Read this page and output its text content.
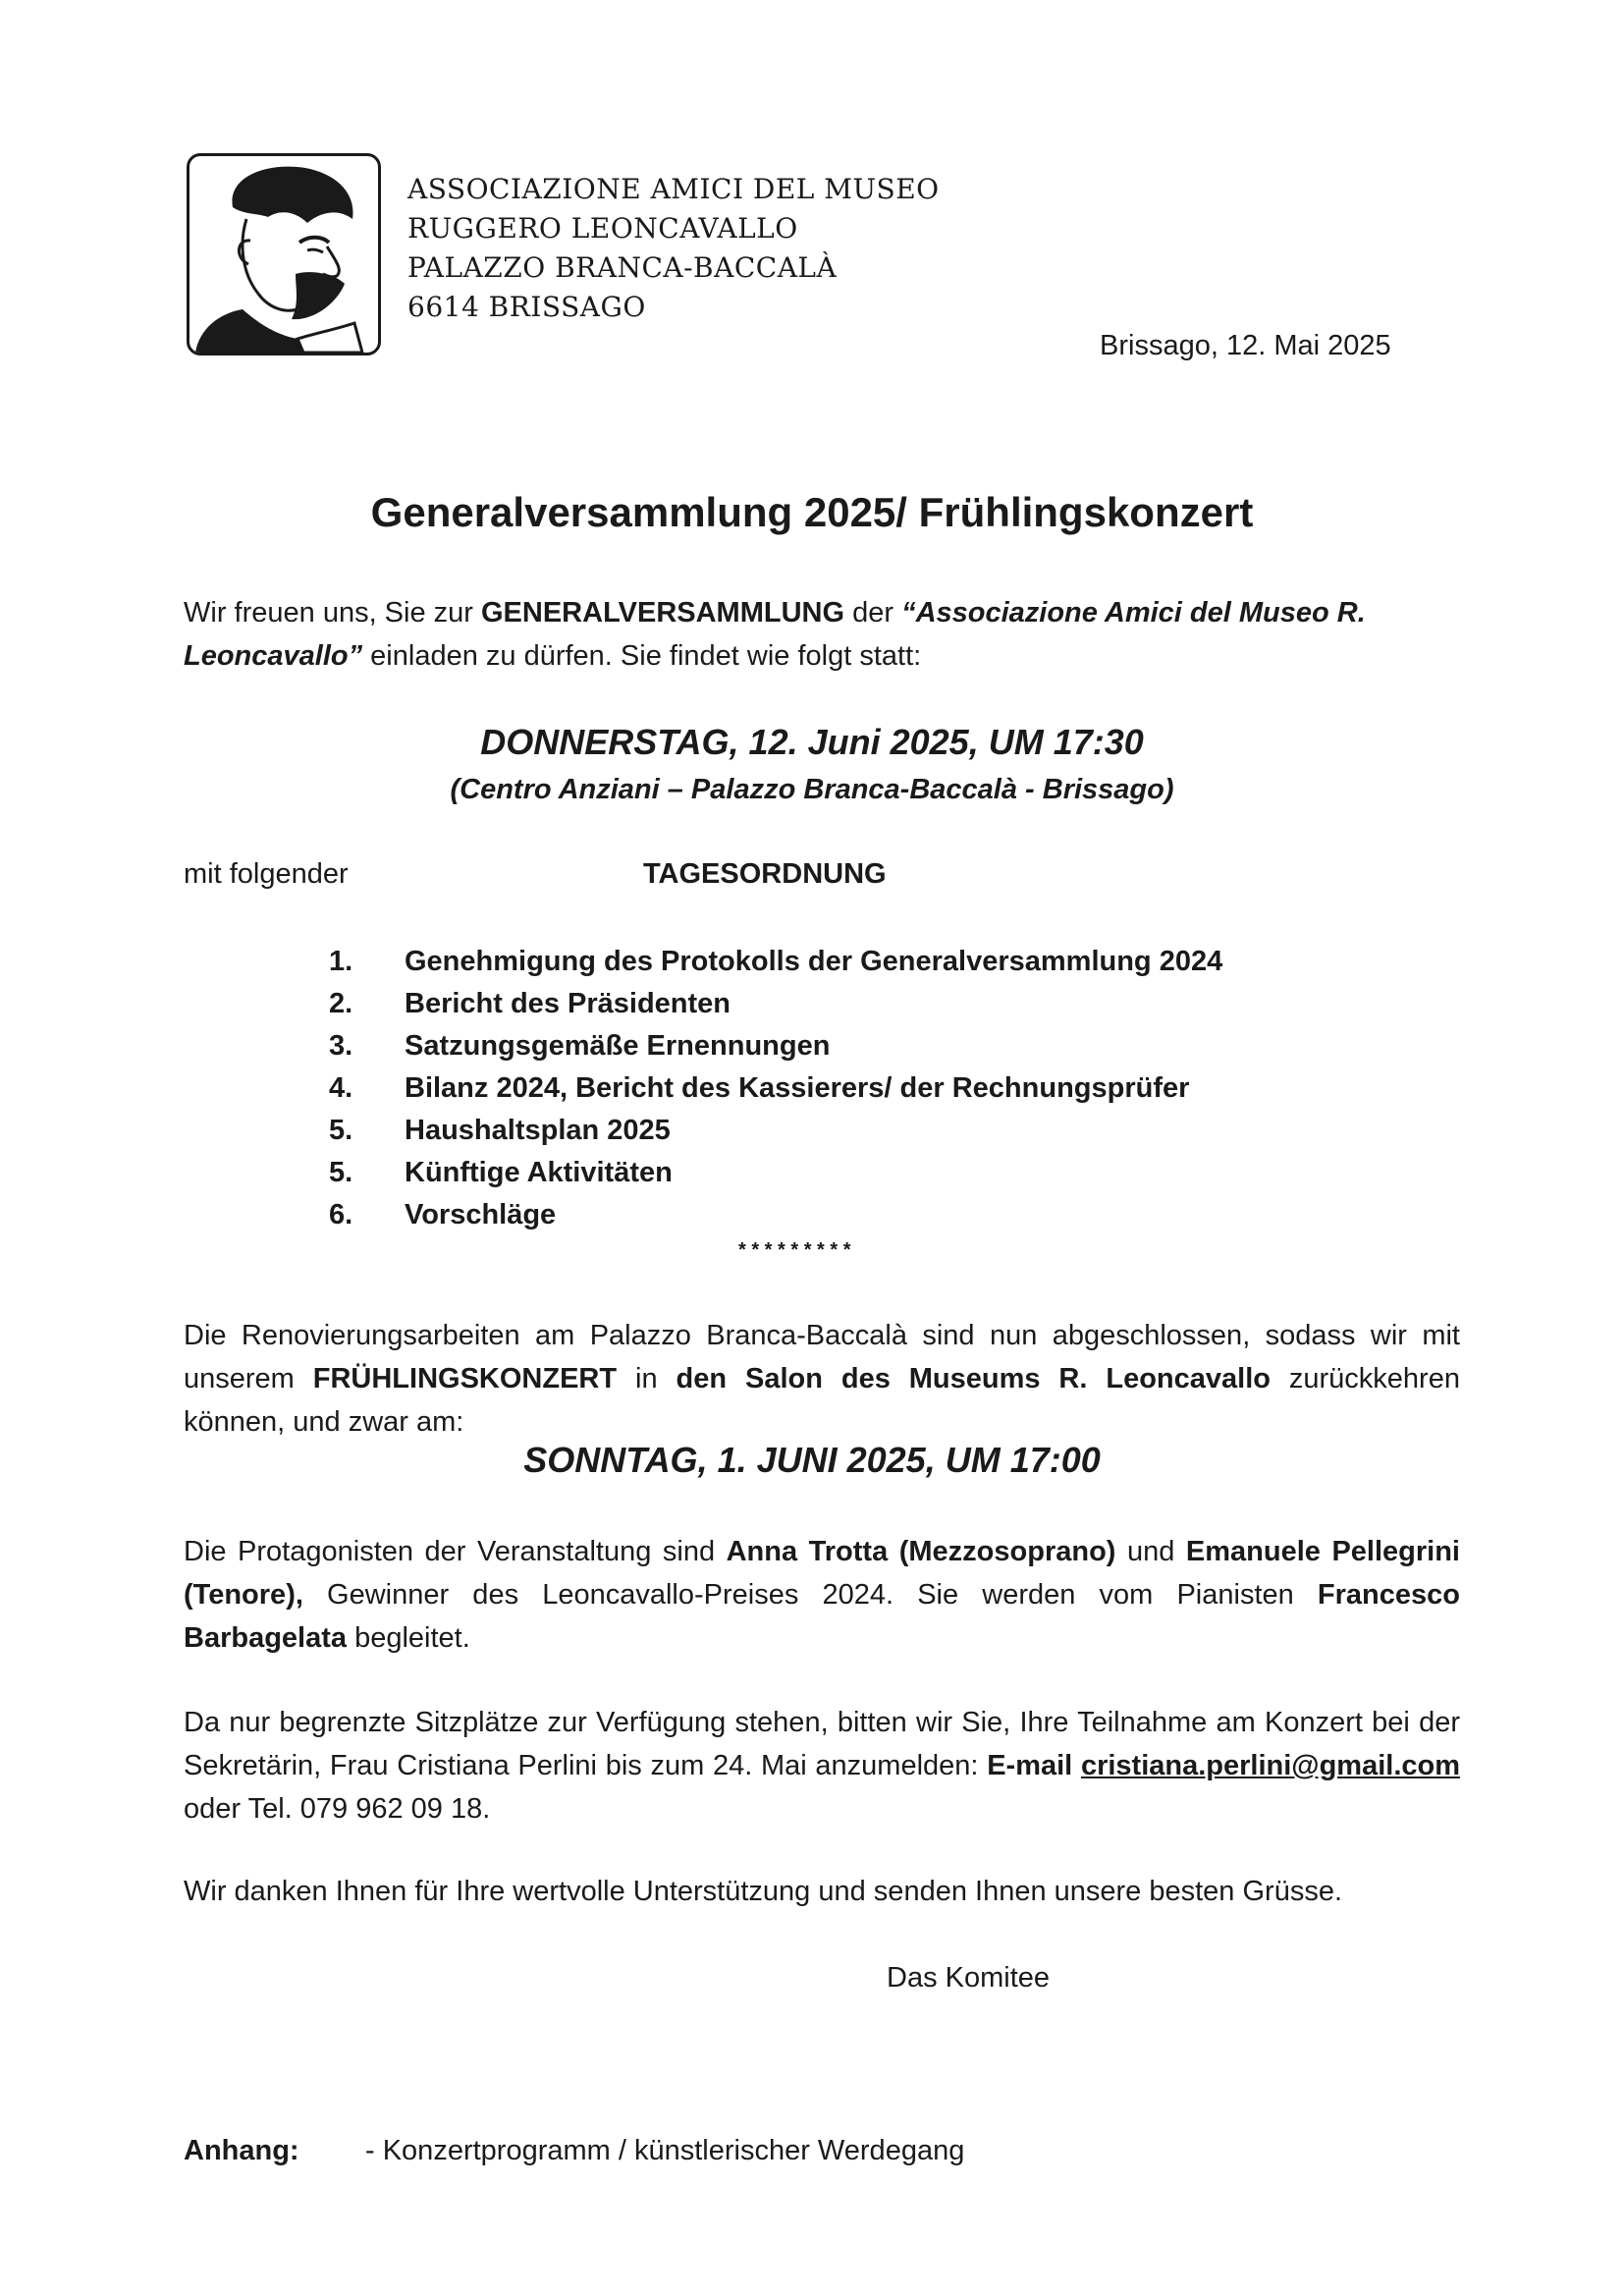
ASSOCIAZIONE AMICI DEL MUSEO
RUGGERO LEONCAVALLO
PALAZZO BRANCA-BACCALÀ
6614 BRISSAGO
Brissago, 12. Mai 2025
Generalversammlung 2025/ Frühlingskonzert
Wir freuen uns, Sie zur GENERALVERSAMMLUNG der “Associazione Amici del Museo R. Leoncavallo” einladen zu dürfen. Sie findet wie folgt statt:
DONNERSTAG, 12. Juni 2025, UM 17:30
(Centro Anziani – Palazzo Branca-Baccalà - Brissago)
mit folgender	TAGESORDNUNG
1.	Genehmigung des Protokolls der Generalversammlung 2024
2.	Bericht des Präsidenten
3.	Satzungsgemäße Ernennungen
4.	Bilanz 2024, Bericht des Kassierers/ der Rechnungsprüfer
5.	Haushaltsplan 2025
5.	Künftige Aktivitäten
6.	Vorschläge
* * * * * * * * *
Die Renovierungsarbeiten am Palazzo Branca-Baccalà sind nun abgeschlossen, sodass wir mit unserem FRÜHLINGSKONZERT in den Salon des Museums R. Leoncavallo zurückkehren können, und zwar am:
SONNTAG, 1. JUNI 2025, UM 17:00
Die Protagonisten der Veranstaltung sind Anna Trotta (Mezzosoprano) und Emanuele Pellegrini (Tenore), Gewinner des Leoncavallo-Preises 2024. Sie werden vom Pianisten Francesco Barbagelata begleitet.
Da nur begrenzte Sitzplätze zur Verfügung stehen, bitten wir Sie, Ihre Teilnahme am Konzert bei der Sekretärin, Frau Cristiana Perlini bis zum 24. Mai anzumelden: E-mail cristiana.perlini@gmail.com oder Tel. 079 962 09 18.
Wir danken Ihnen für Ihre wertvolle Unterstützung und senden Ihnen unsere besten Grüsse.
Das Komitee
Anhang: - Konzertprogramm / künstlerischer Werdegang
